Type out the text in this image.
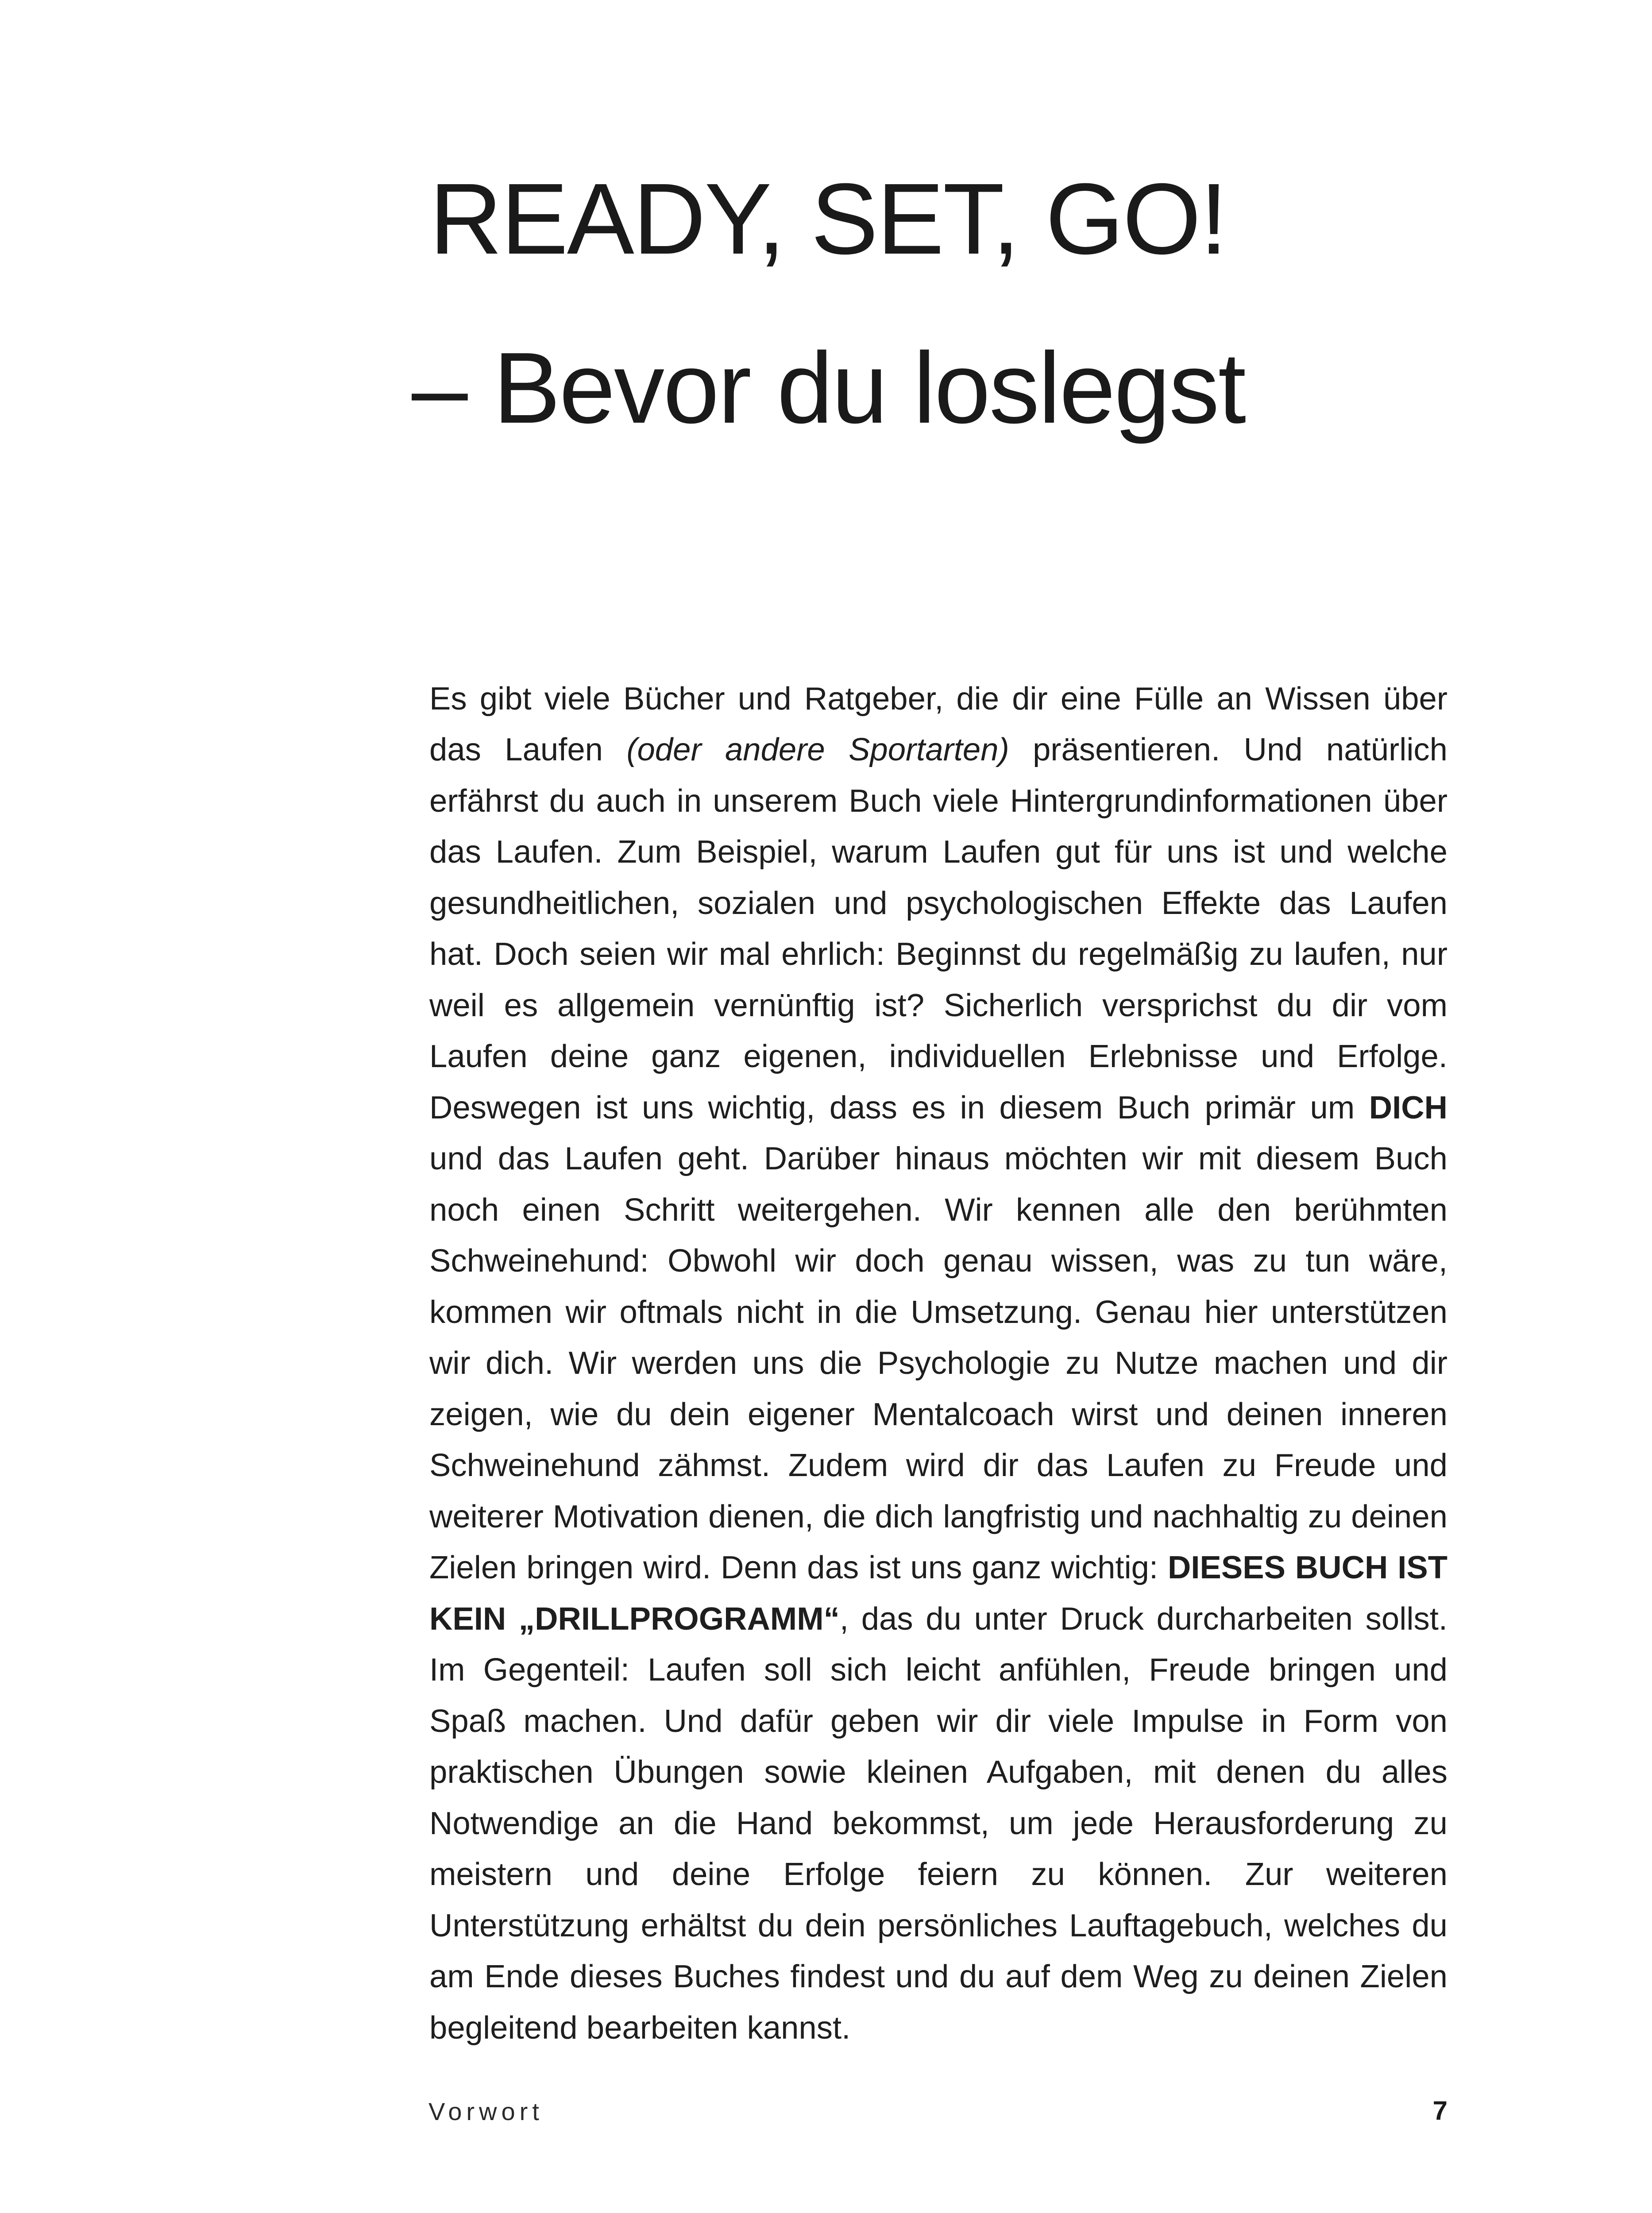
READY, SET, GO!
– Bevor du loslegst

Es gibt viele Bücher und Ratgeber, die dir eine Fülle an Wissen über das Laufen (oder andere Sportarten) präsentieren. Und natürlich erfährst du auch in unserem Buch viele Hintergrundinformationen über das Laufen. Zum Beispiel, warum Laufen gut für uns ist und welche gesundheitlichen, sozialen und psychologischen Effekte das Laufen hat. Doch seien wir mal ehrlich: Beginnst du regelmäßig zu laufen, nur weil es allgemein vernünftig ist? Sicherlich versprichst du dir vom Laufen deine ganz eigenen, individuellen Erlebnisse und Erfolge. Deswegen ist uns wichtig, dass es in diesem Buch primär um DICH und das Laufen geht. Darüber hinaus möchten wir mit diesem Buch noch einen Schritt weitergehen. Wir kennen alle den berühmten Schweinehund: Obwohl wir doch genau wissen, was zu tun wäre, kommen wir oftmals nicht in die Umsetzung. Genau hier unterstützen wir dich. Wir werden uns die Psychologie zu Nutze machen und dir zeigen, wie du dein eigener Mentalcoach wirst und deinen inneren Schweinehund zähmst. Zudem wird dir das Laufen zu Freude und weiterer Motivation dienen, die dich langfristig und nachhaltig zu deinen Zielen bringen wird. Denn das ist uns ganz wichtig: DIESES BUCH IST KEIN „DRILLPROGRAMM“, das du unter Druck durcharbeiten sollst. Im Gegenteil: Laufen soll sich leicht anfühlen, Freude bringen und Spaß machen. Und dafür geben wir dir viele Impulse in Form von praktischen Übungen sowie kleinen Aufgaben, mit denen du alles Notwendige an die Hand bekommst, um jede Herausforderung zu meistern und deine Erfolge feiern zu können. Zur weiteren Unterstützung erhältst du dein persönliches Lauftagebuch, welches du am Ende dieses Buches findest und du auf dem Weg zu deinen Zielen begleitend bearbeiten kannst.

Vorwort	7
